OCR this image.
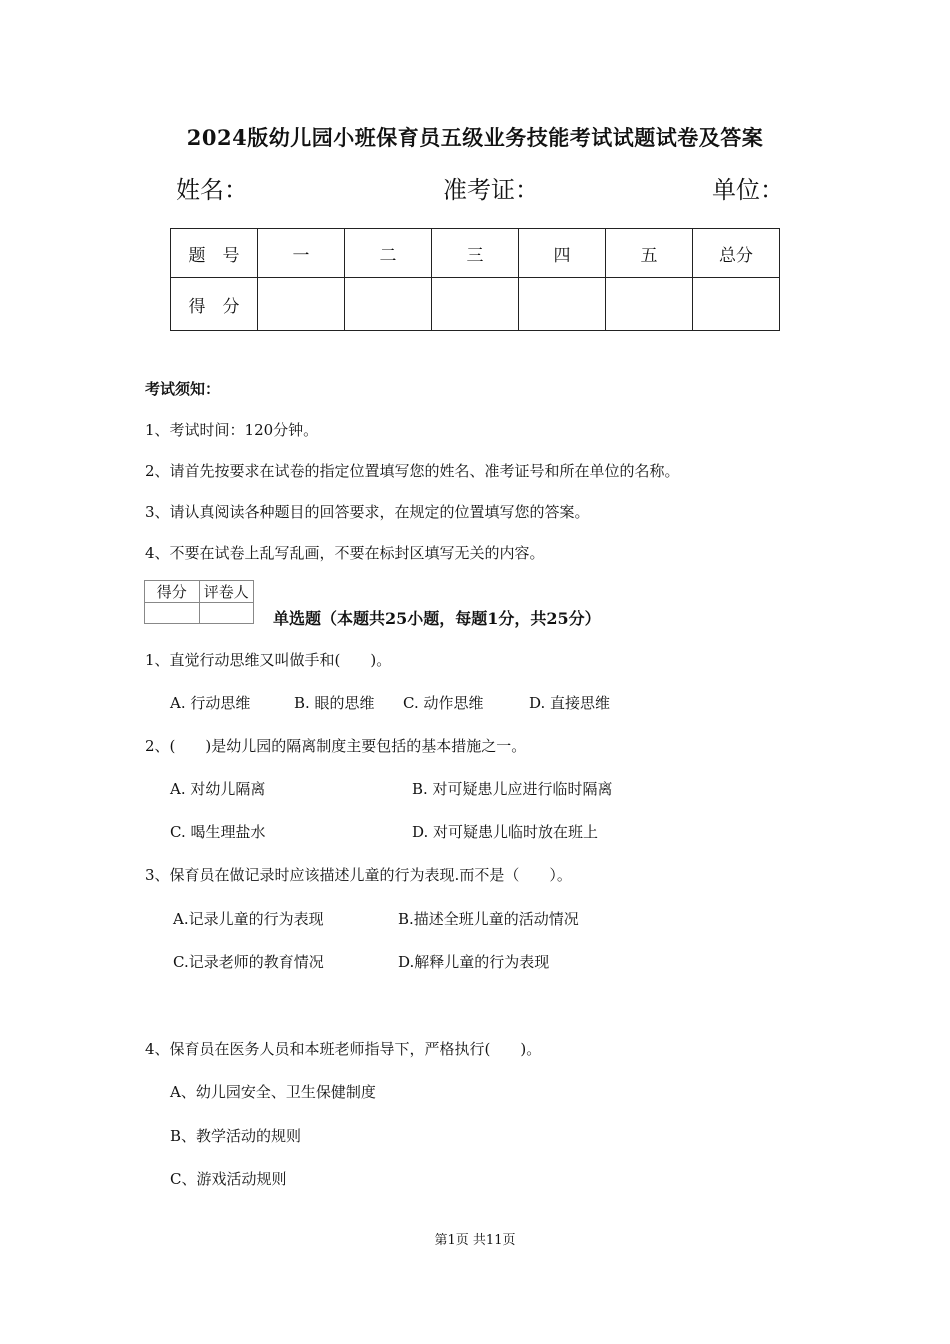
2024版幼儿园小班保育员五级业务技能考试试题试卷及答案
姓名：	准考证：	单位：
题　号	一	二	三	四	五	总分
得　分						
考试须知：
1、考试时间：120分钟。
2、请首先按要求在试卷的指定位置填写您的姓名、准考证号和所在单位的名称。
3、请认真阅读各种题目的回答要求，在规定的位置填写您的答案。
4、不要在试卷上乱写乱画，不要在标封区填写无关的内容。
得分	评卷人

单选题（本题共25小题，每题1分，共25分）
1、直觉行动思维又叫做手和(　　)。
A. 行动思维	B. 眼的思维 C. 动作思维	D. 直接思维
2、(　　)是幼儿园的隔离制度主要包括的基本措施之一。
A. 对幼儿隔离	B. 对可疑患儿应进行临时隔离
C. 喝生理盐水	D. 对可疑患儿临时放在班上
3、保育员在做记录时应该描述儿童的行为表现.而不是（　　）。
A.记录儿童的行为表现	B.描述全班儿童的活动情况
C.记录老师的教育情况	D.解释儿童的行为表现
4、保育员在医务人员和本班老师指导下，严格执行(　　)。
A、幼儿园安全、卫生保健制度
B、教学活动的规则
C、游戏活动规则
第1页 共11页
